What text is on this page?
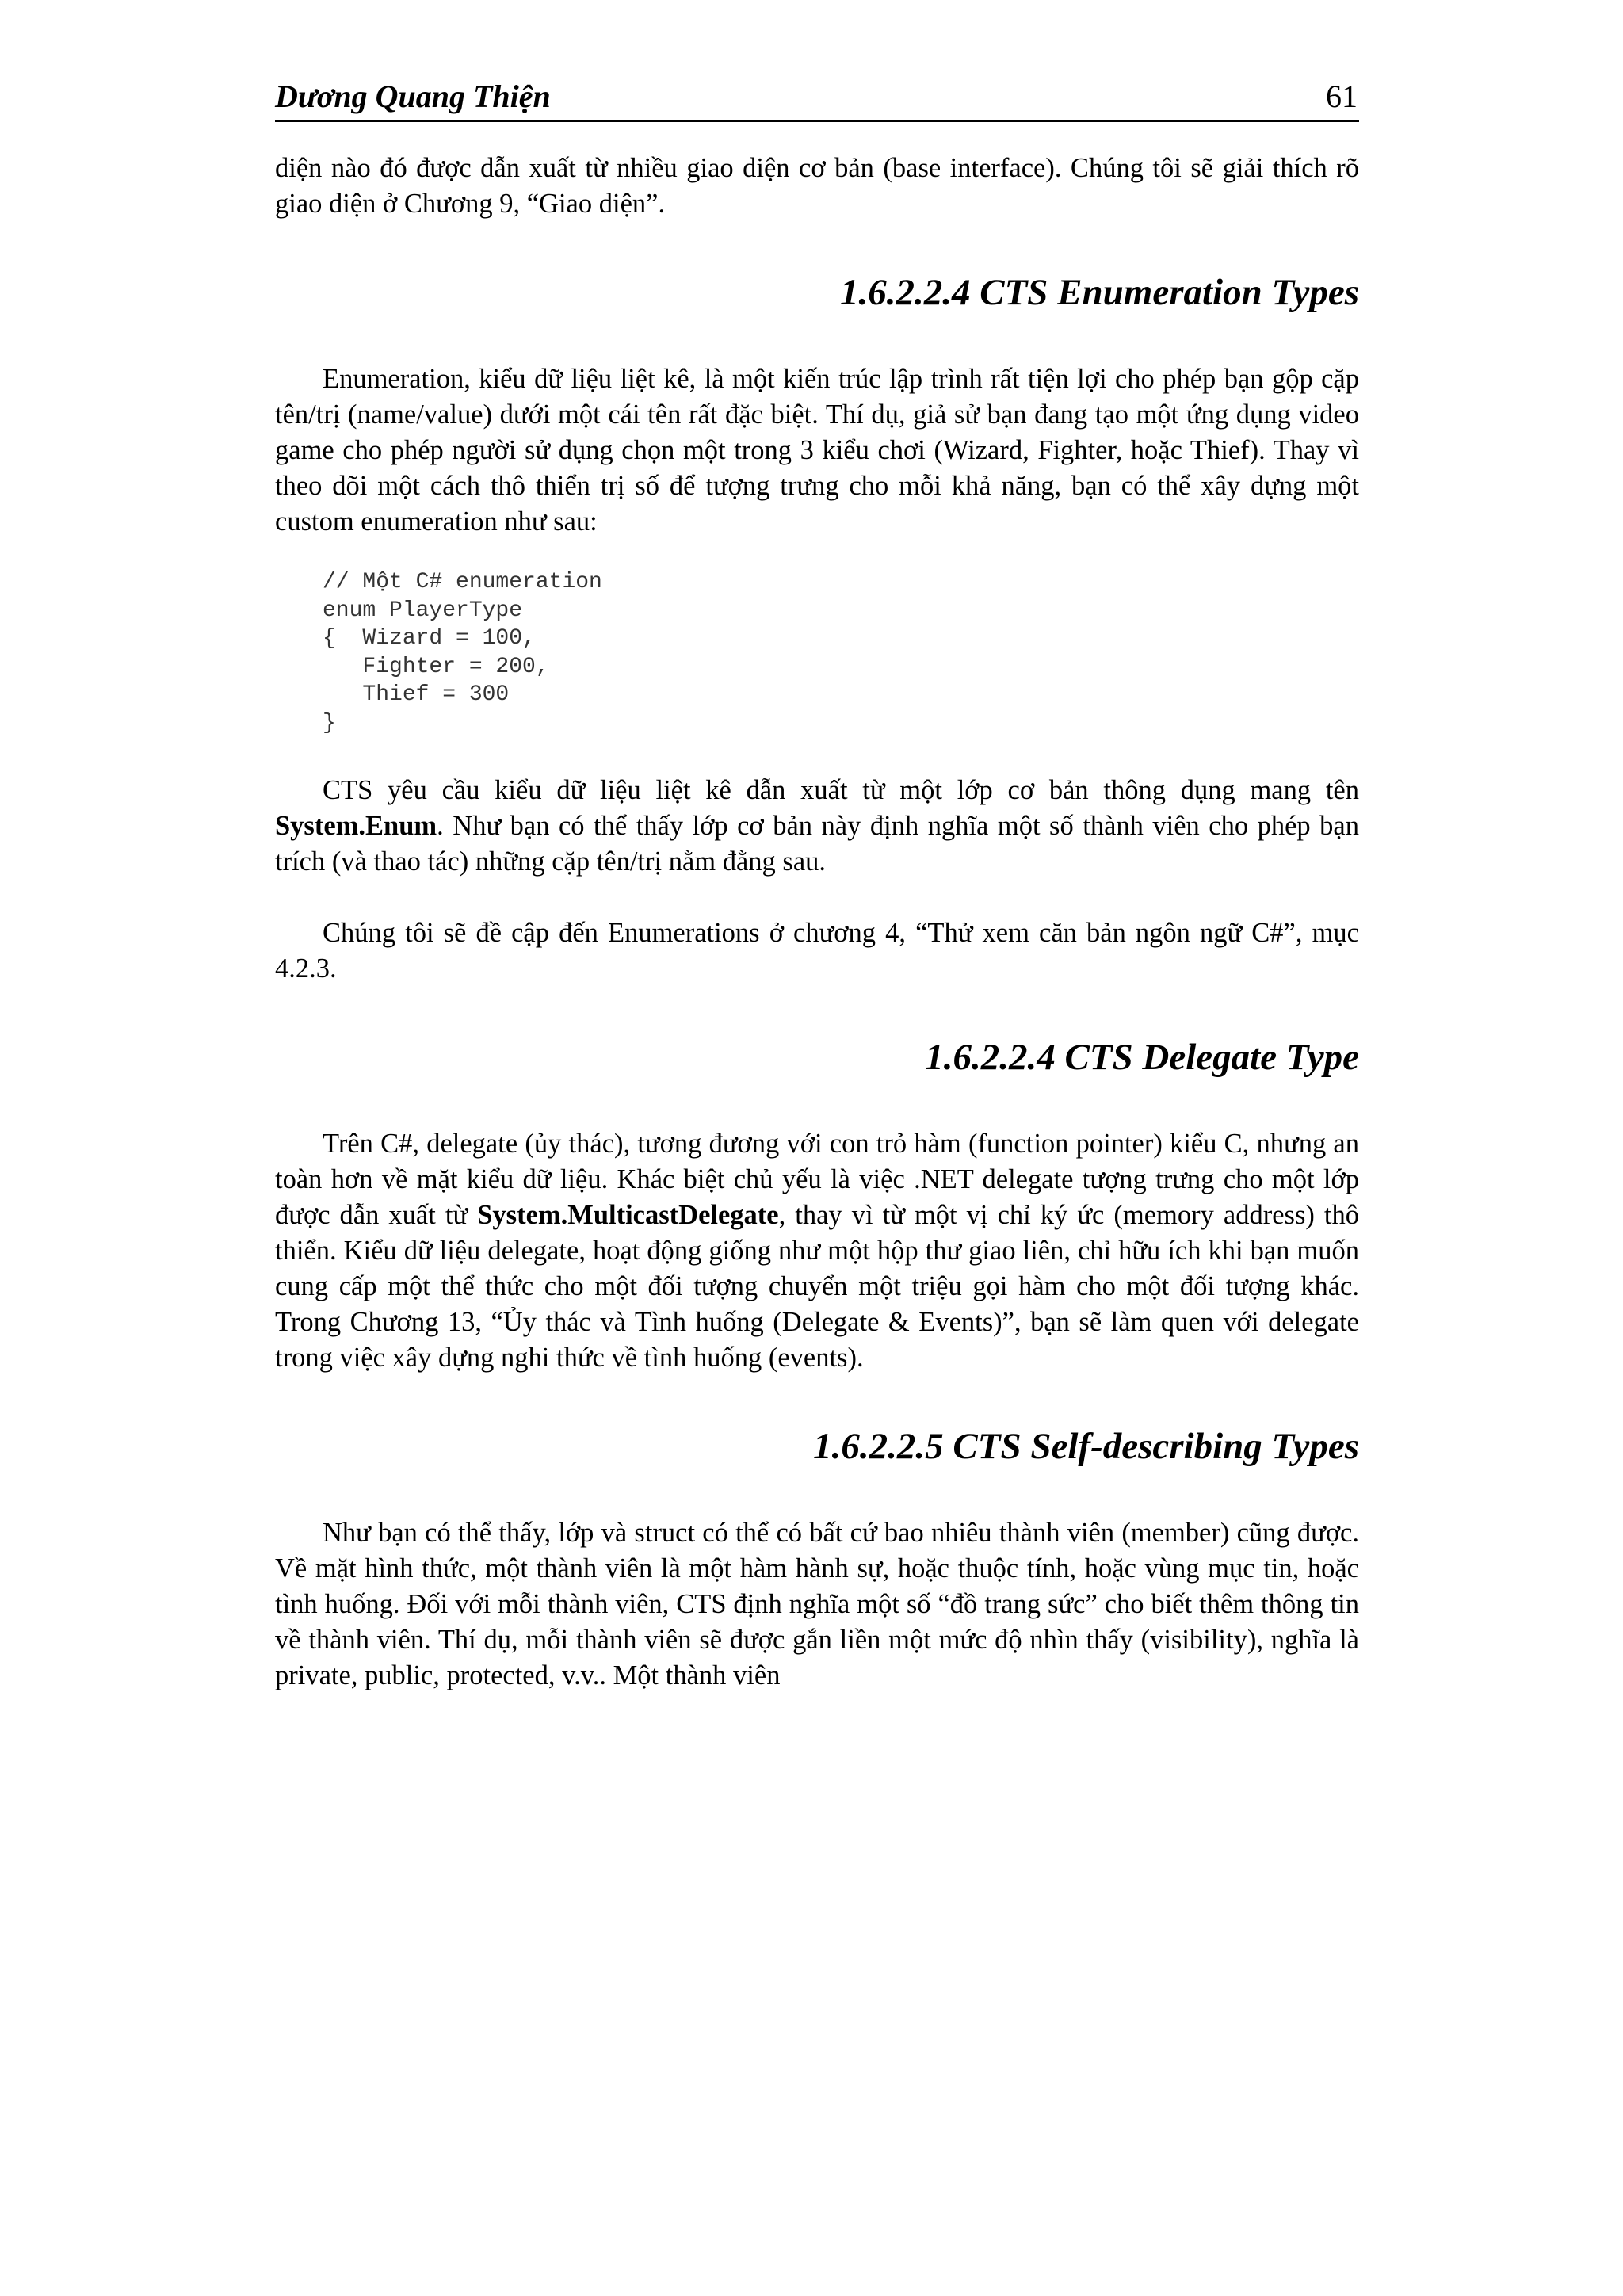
Dương Quang Thiện	61

diện nào đó được dẫn xuất từ nhiều giao diện cơ bản (base interface). Chúng tôi sẽ giải thích rõ giao diện ở Chương 9, “Giao diện”.

1.6.2.2.4 CTS Enumeration Types

Enumeration, kiểu dữ liệu liệt kê, là một kiến trúc lập trình rất tiện lợi cho phép bạn gộp cặp tên/trị (name/value) dưới một cái tên rất đặc biệt. Thí dụ, giả sử bạn đang tạo một ứng dụng video game cho phép người sử dụng chọn một trong 3 kiểu chơi (Wizard, Fighter, hoặc Thief). Thay vì theo dõi một cách thô thiển trị số để tượng trưng cho mỗi khả năng, bạn có thể xây dựng một custom enumeration như sau:

// Một C# enumeration
enum PlayerType
{  Wizard = 100,
Fighter = 200,
Thief = 300
}

CTS yêu cầu kiểu dữ liệu liệt kê dẫn xuất từ một lớp cơ bản thông dụng mang tên System.Enum. Như bạn có thể thấy lớp cơ bản này định nghĩa một số thành viên cho phép bạn trích (và thao tác) những cặp tên/trị nằm đằng sau.

Chúng tôi sẽ đề cập đến Enumerations ở chương 4, “Thử xem căn bản ngôn ngữ C#”, mục 4.2.3.

1.6.2.2.4 CTS Delegate Type

Trên C#, delegate (ủy thác), tương đương với con trỏ hàm (function pointer) kiểu C, nhưng an toàn hơn về mặt kiểu dữ liệu. Khác biệt chủ yếu là việc .NET delegate tượng trưng cho một lớp được dẫn xuất từ System.MulticastDelegate, thay vì từ một vị chỉ ký ức (memory address) thô thiển. Kiểu dữ liệu delegate, hoạt động giống như một hộp thư giao liên, chỉ hữu ích khi bạn muốn cung cấp một thể thức cho một đối tượng chuyển một triệu gọi hàm cho một đối tượng khác. Trong Chương 13, “Ủy thác và Tình huống (Delegate & Events)”, bạn sẽ làm quen với delegate trong việc xây dựng nghi thức về tình huống (events).

1.6.2.2.5 CTS Self-describing Types

Như bạn có thể thấy, lớp và struct có thể có bất cứ bao nhiêu thành viên (member) cũng được. Về mặt hình thức, một thành viên là một hàm hành sự, hoặc thuộc tính, hoặc vùng mục tin, hoặc tình huống. Đối với mỗi thành viên, CTS định nghĩa một số “đồ trang sức” cho biết thêm thông tin về thành viên. Thí dụ, mỗi thành viên sẽ được gắn liền một mức độ nhìn thấy (visibility), nghĩa là private, public, protected, v.v.. Một thành viên
